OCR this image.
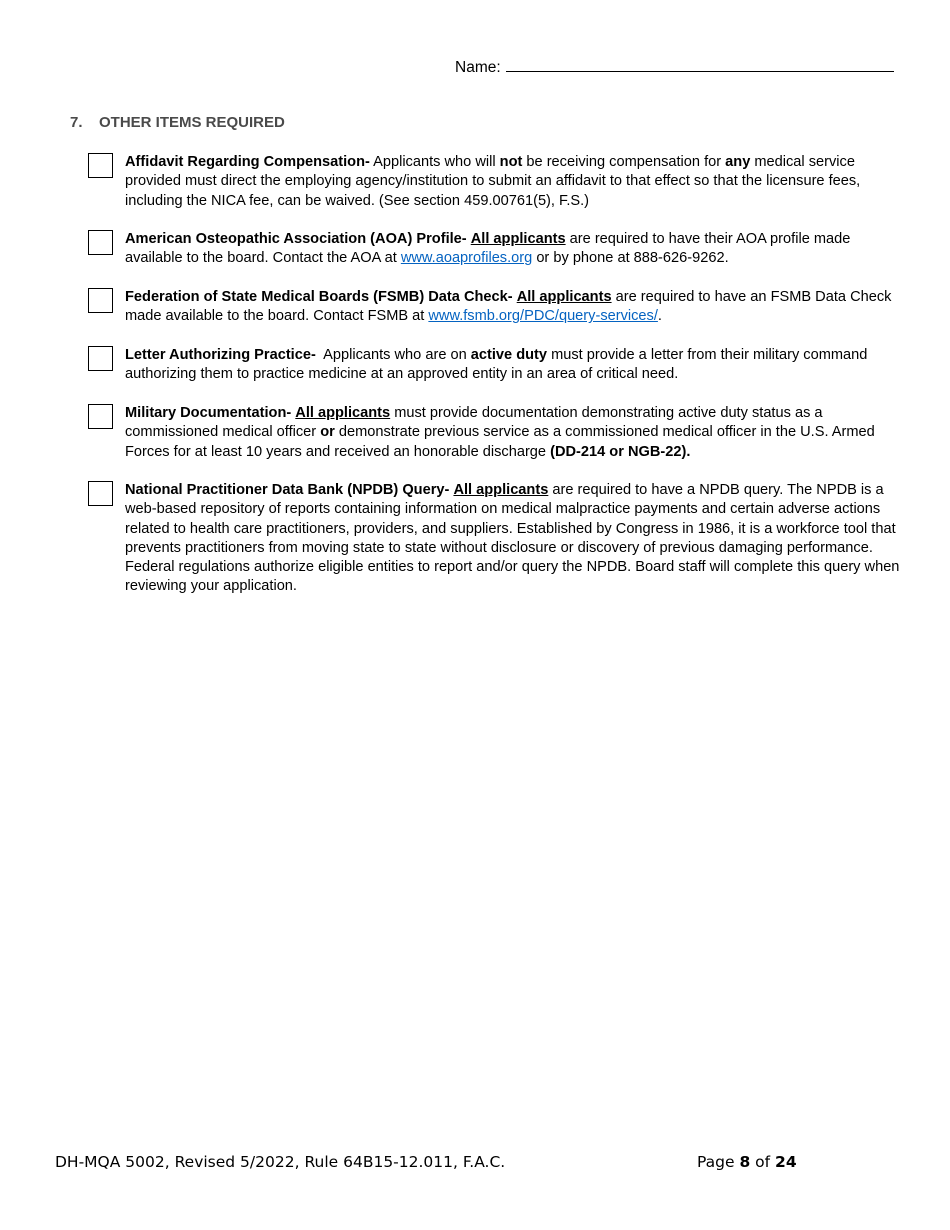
Name:
7. OTHER ITEMS REQUIRED
Affidavit Regarding Compensation- Applicants who will not be receiving compensation for any medical service provided must direct the employing agency/institution to submit an affidavit to that effect so that the licensure fees, including the NICA fee, can be waived. (See section 459.00761(5), F.S.)
American Osteopathic Association (AOA) Profile- All applicants are required to have their AOA profile made available to the board. Contact the AOA at www.aoaprofiles.org or by phone at 888-626-9262.
Federation of State Medical Boards (FSMB) Data Check- All applicants are required to have an FSMB Data Check made available to the board. Contact FSMB at www.fsmb.org/PDC/query-services/.
Letter Authorizing Practice-  Applicants who are on active duty must provide a letter from their military command authorizing them to practice medicine at an approved entity in an area of critical need.
Military Documentation- All applicants must provide documentation demonstrating active duty status as a commissioned medical officer or demonstrate previous service as a commissioned medical officer in the U.S. Armed Forces for at least 10 years and received an honorable discharge (DD-214 or NGB-22).
National Practitioner Data Bank (NPDB) Query- All applicants are required to have a NPDB query. The NPDB is a web-based repository of reports containing information on medical malpractice payments and certain adverse actions related to health care practitioners, providers, and suppliers. Established by Congress in 1986, it is a workforce tool that prevents practitioners from moving state to state without disclosure or discovery of previous damaging performance. Federal regulations authorize eligible entities to report and/or query the NPDB. Board staff will complete this query when reviewing your application.
DH-MQA 5002, Revised 5/2022, Rule 64B15-12.011, F.A.C.	Page 8 of 24
